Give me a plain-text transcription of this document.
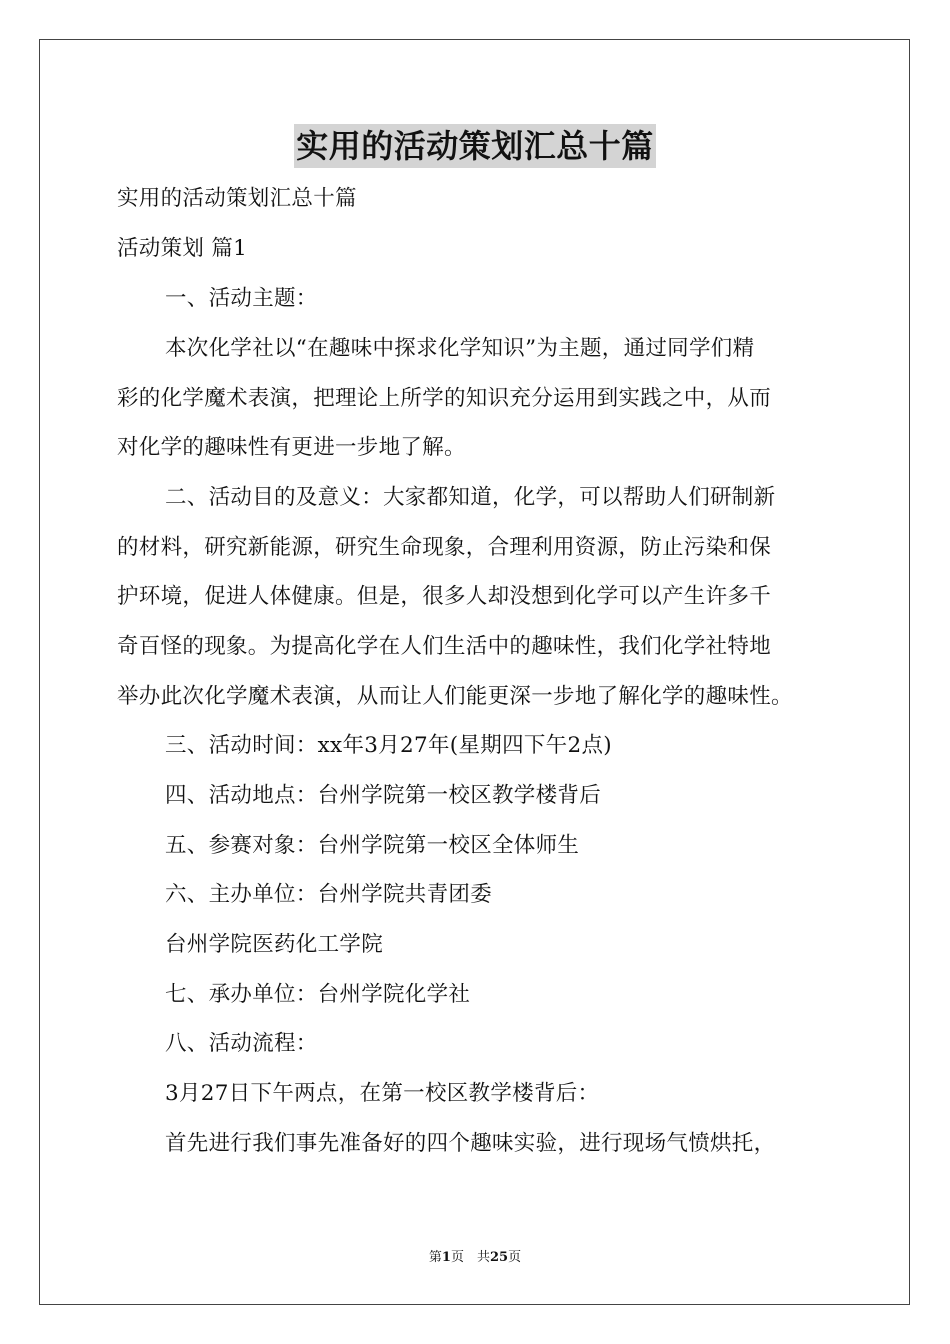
实用的活动策划汇总十篇
实用的活动策划汇总十篇
活动策划 篇1
一、活动主题：
本次化学社以“在趣味中探求化学知识”为主题，通过同学们精
彩的化学魔术表演，把理论上所学的知识充分运用到实践之中，从而
对化学的趣味性有更进一步地了解。
二、活动目的及意义：大家都知道，化学，可以帮助人们研制新
的材料，研究新能源，研究生命现象，合理利用资源，防止污染和保
护环境，促进人体健康。但是，很多人却没想到化学可以产生许多千
奇百怪的现象。为提高化学在人们生活中的趣味性，我们化学社特地
举办此次化学魔术表演，从而让人们能更深一步地了解化学的趣味性。
三、活动时间：xx年3月27年(星期四下午2点)
四、活动地点：台州学院第一校区教学楼背后
五、参赛对象：台州学院第一校区全体师生
六、主办单位：台州学院共青团委
台州学院医药化工学院
七、承办单位：台州学院化学社
八、活动流程：
3月27日下午两点，在第一校区教学楼背后：
首先进行我们事先准备好的四个趣味实验，进行现场气愤烘托，
第1页　共25页
